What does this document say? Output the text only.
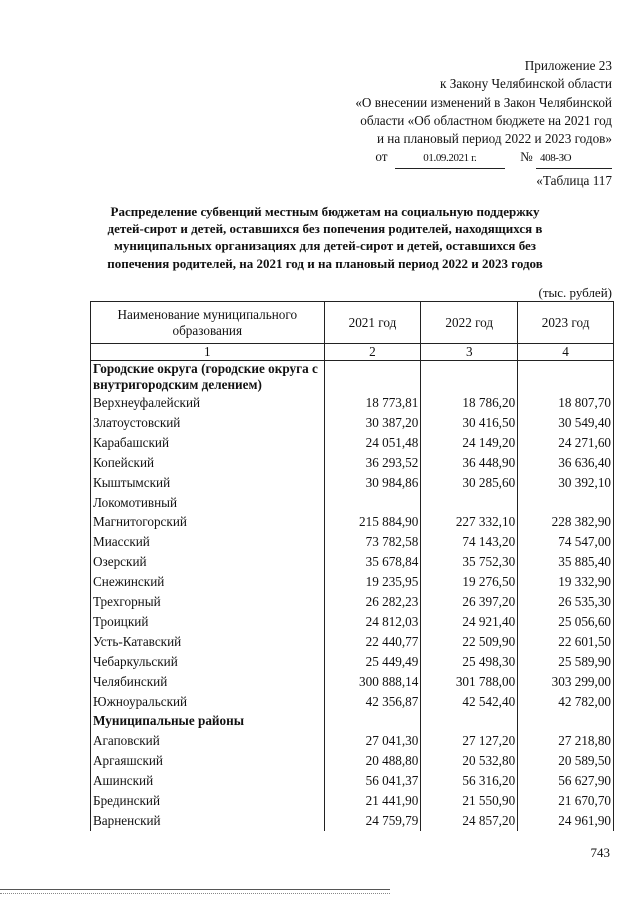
Приложение 23
к Закону Челябинской области
«О внесении изменений в Закон Челябинской
области «Об областном бюджете на 2021 год
и на плановый период 2022 и 2023 годов»
от	01.09.2021 г.	№ 408-ЗО
«Таблица 117
Распределение субвенций местным бюджетам на социальную поддержку детей-сирот и детей, оставшихся без попечения родителей, находящихся в муниципальных организациях для детей-сирот и детей, оставшихся без попечения родителей, на 2021 год и на плановый период 2022 и 2023 годов
(тыс. рублей)
Наименование муниципального образования	2021 год	2022 год	2023 год
1	2	3	4
Городские округа (городские округа с внутригородским делением)			
Верхнеуфалейский	18 773,81	18 786,20	18 807,70
Златоустовский	30 387,20	30 416,50	30 549,40
Карабашский	24 051,48	24 149,20	24 271,60
Копейский	36 293,52	36 448,90	36 636,40
Кыштымский	30 984,86	30 285,60	30 392,10
Локомотивный			
Магнитогорский	215 884,90	227 332,10	228 382,90
Миасский	73 782,58	74 143,20	74 547,00
Озерский	35 678,84	35 752,30	35 885,40
Снежинский	19 235,95	19 276,50	19 332,90
Трехгорный	26 282,23	26 397,20	26 535,30
Троицкий	24 812,03	24 921,40	25 056,60
Усть-Катавский	22 440,77	22 509,90	22 601,50
Чебаркульский	25 449,49	25 498,30	25 589,90
Челябинский	300 888,14	301 788,00	303 299,00
Южноуральский	42 356,87	42 542,40	42 782,00
Муниципальные районы			
Агаповский	27 041,30	27 127,20	27 218,80
Аргаяшский	20 488,80	20 532,80	20 589,50
Ашинский	56 041,37	56 316,20	56 627,90
Брединский	21 441,90	21 550,90	21 670,70
Варненский	24 759,79	24 857,20	24 961,90
743
